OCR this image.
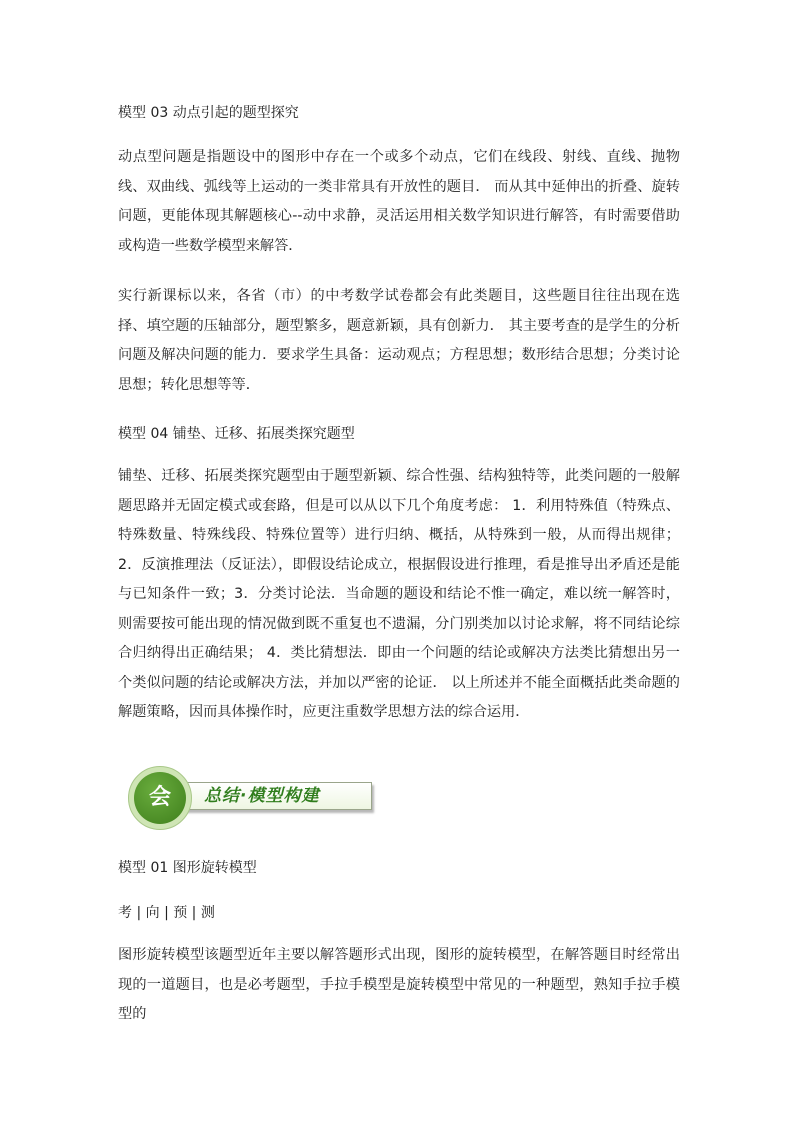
模型 03 动点引起的题型探究
动点型问题是指题设中的图形中存在一个或多个动点，它们在线段、射线、直线、抛物线、双曲线、弧线等上运动的一类非常具有开放性的题目． 而从其中延伸出的折叠、旋转问题，更能体现其解题核心--动中求静，灵活运用相关数学知识进行解答，有时需要借助或构造一些数学模型来解答．
实行新课标以来，各省（市）的中考数学试卷都会有此类题目，这些题目往往出现在选择、填空题的压轴部分，题型繁多，题意新颖，具有创新力． 其主要考查的是学生的分析问题及解决问题的能力．要求学生具备：运动观点；方程思想；数形结合思想；分类讨论思想；转化思想等等．
模型 04 铺垫、迁移、拓展类探究题型
铺垫、迁移、拓展类探究题型由于题型新颖、综合性强、结构独特等，此类问题的一般解题思路并无固定模式或套路，但是可以从以下几个角度考虑： 1．利用特殊值（特殊点、特殊数量、特殊线段、特殊位置等）进行归纳、概括，从特殊到一般，从而得出规律； 2．反演推理法（反证法），即假设结论成立，根据假设进行推理，看是推导出矛盾还是能与已知条件一致；3．分类讨论法．当命题的题设和结论不惟一确定，难以统一解答时，则需要按可能出现的情况做到既不重复也不遗漏，分门别类加以讨论求解，将不同结论综合归纳得出正确结果； 4．类比猜想法．即由一个问题的结论或解决方法类比猜想出另一个类似问题的结论或解决方法，并加以严密的论证． 以上所述并不能全面概括此类命题的解题策略，因而具体操作时，应更注重数学思想方法的综合运用．
总结·模型构建
会
模型 01 图形旋转模型
考 | 向 | 预 | 测
图形旋转模型该题型近年主要以解答题形式出现，图形的旋转模型，在解答题目时经常出现的一道题目，也是必考题型，手拉手模型是旋转模型中常见的一种题型，熟知手拉手模型的
